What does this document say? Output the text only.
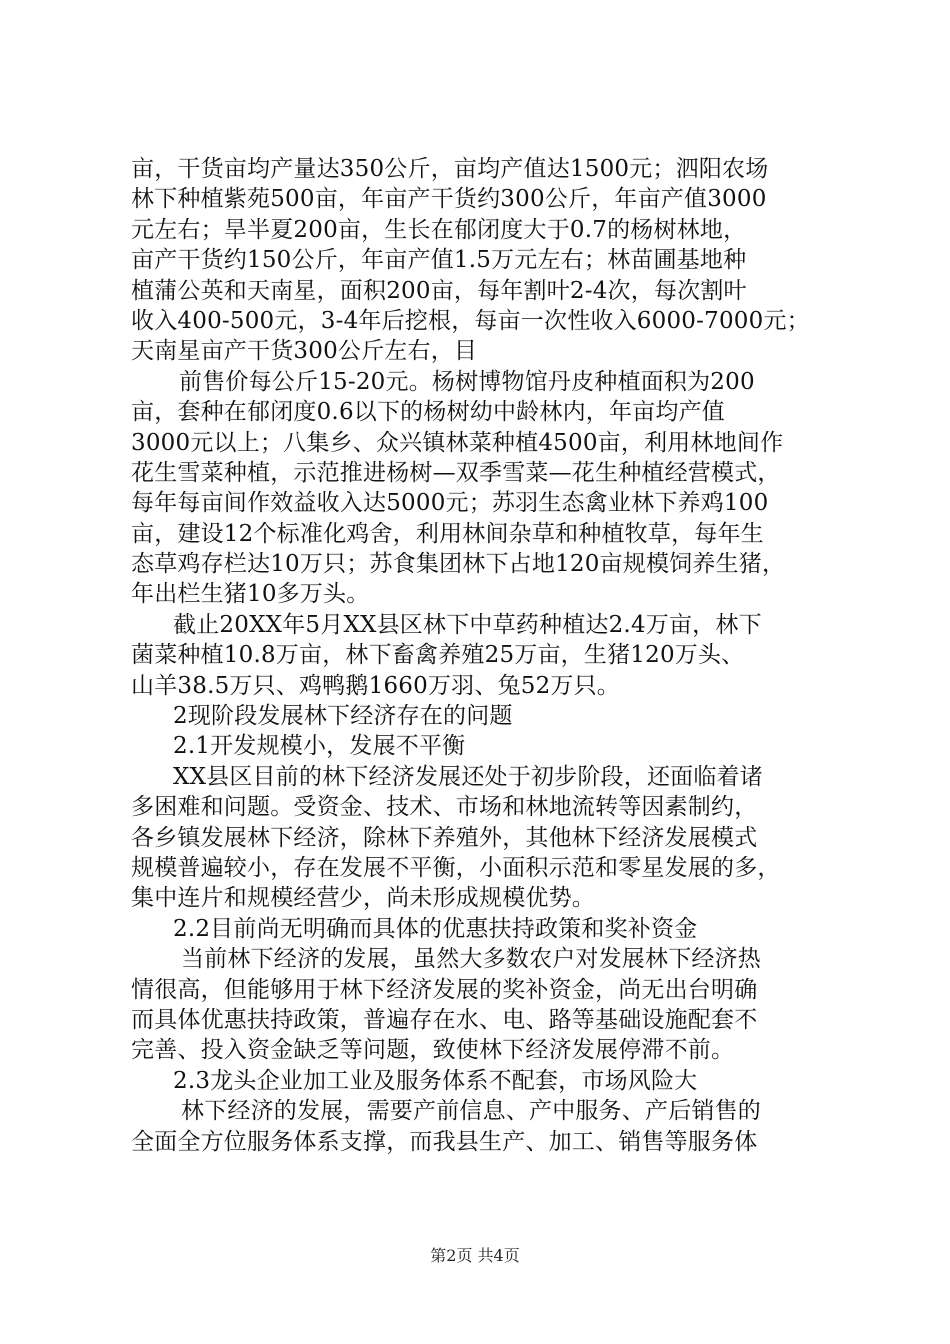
亩，干货亩均产量达350公斤，亩均产值达1500元；泗阳农场
林下种植紫苑500亩，年亩产干货约300公斤，年亩产值3000
元左右；旱半夏200亩，生长在郁闭度大于0.7的杨树林地，
亩产干货约150公斤，年亩产值1.5万元左右；林苗圃基地种
植蒲公英和天南星，面积200亩，每年割叶2-4次，每次割叶
收入400-500元，3-4年后挖根，每亩一次性收入6000-7000元；
天南星亩产干货300公斤左右，目
前售价每公斤15-20元。杨树博物馆丹皮种植面积为200
亩，套种在郁闭度0.6以下的杨树幼中龄林内，年亩均产值
3000元以上；八集乡、众兴镇林菜种植4500亩，利用林地间作
花生雪菜种植，示范推进杨树—双季雪菜—花生种植经营模式，
每年每亩间作效益收入达5000元；苏羽生态禽业林下养鸡100
亩，建设12个标准化鸡舍，利用林间杂草和种植牧草，每年生
态草鸡存栏达10万只；苏食集团林下占地120亩规模饲养生猪，
年出栏生猪10多万头。
截止20XX年5月XX县区林下中草药种植达2.4万亩，林下
菌菜种植10.8万亩，林下畜禽养殖25万亩，生猪120万头、
山羊38.5万只、鸡鸭鹅1660万羽、兔52万只。
2现阶段发展林下经济存在的问题
2.1开发规模小，发展不平衡
XX县区目前的林下经济发展还处于初步阶段，还面临着诸
多困难和问题。受资金、技术、市场和林地流转等因素制约，
各乡镇发展林下经济，除林下养殖外，其他林下经济发展模式
规模普遍较小，存在发展不平衡，小面积示范和零星发展的多，
集中连片和规模经营少，尚未形成规模优势。
2.2目前尚无明确而具体的优惠扶持政策和奖补资金
当前林下经济的发展，虽然大多数农户对发展林下经济热
情很高，但能够用于林下经济发展的奖补资金，尚无出台明确
而具体优惠扶持政策，普遍存在水、电、路等基础设施配套不
完善、投入资金缺乏等问题，致使林下经济发展停滞不前。
2.3龙头企业加工业及服务体系不配套，市场风险大
林下经济的发展，需要产前信息、产中服务、产后销售的
全面全方位服务体系支撑，而我县生产、加工、销售等服务体
第2页 共4页
